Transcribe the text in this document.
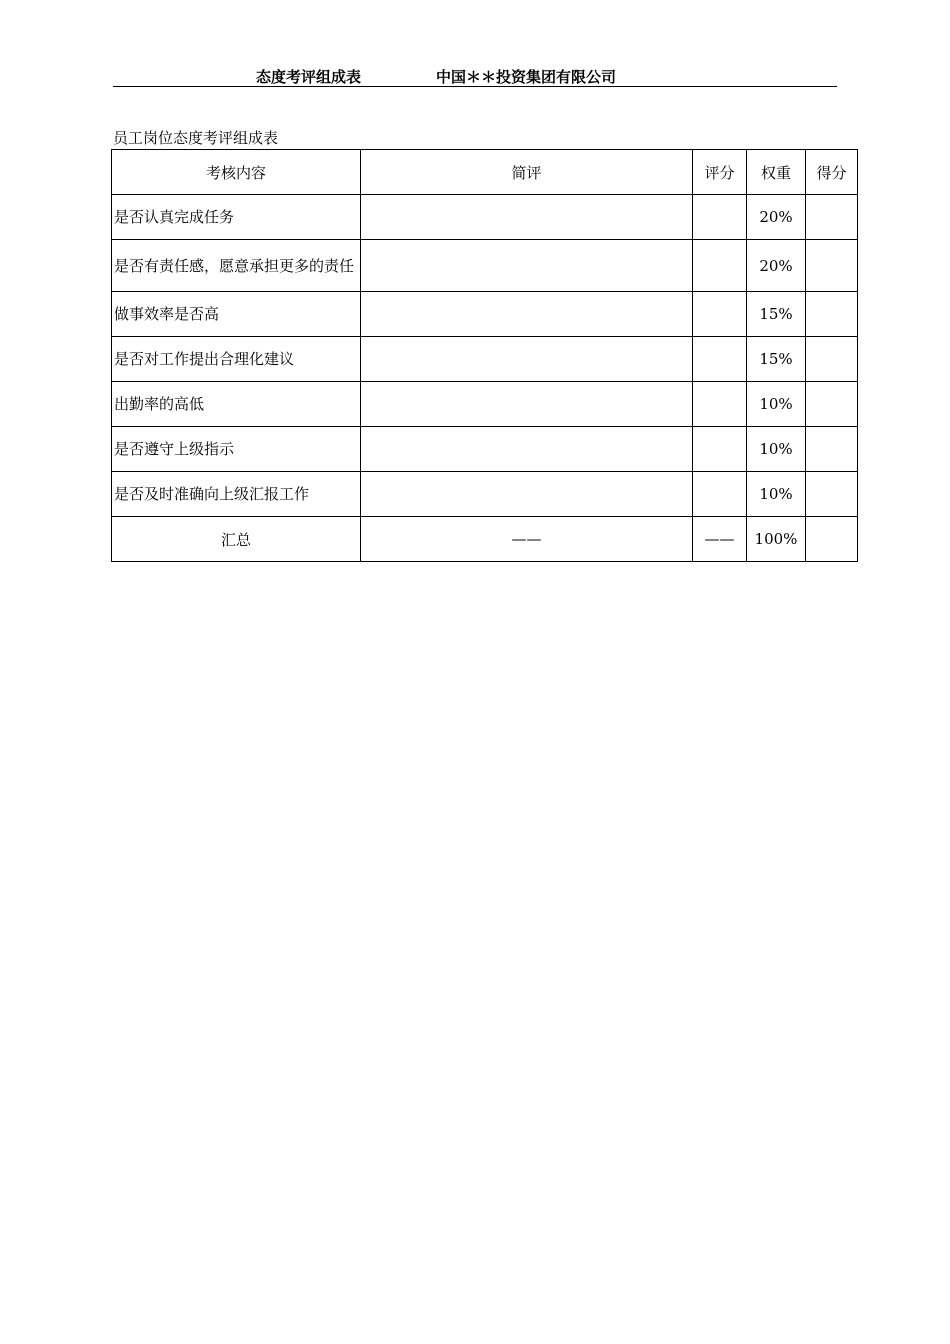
态度考评组成表	中国＊＊投资集团有限公司
员工岗位态度考评组成表
考核内容	简评	评分	权重	得分
是否认真完成任务			20%	
是否有责任感，愿意承担更多的责任			20%	
做事效率是否高			15%	
是否对工作提出合理化建议			15%	
出勤率的高低			10%	
是否遵守上级指示			10%	
是否及时准确向上级汇报工作			10%	
汇总	——	——	100%	
